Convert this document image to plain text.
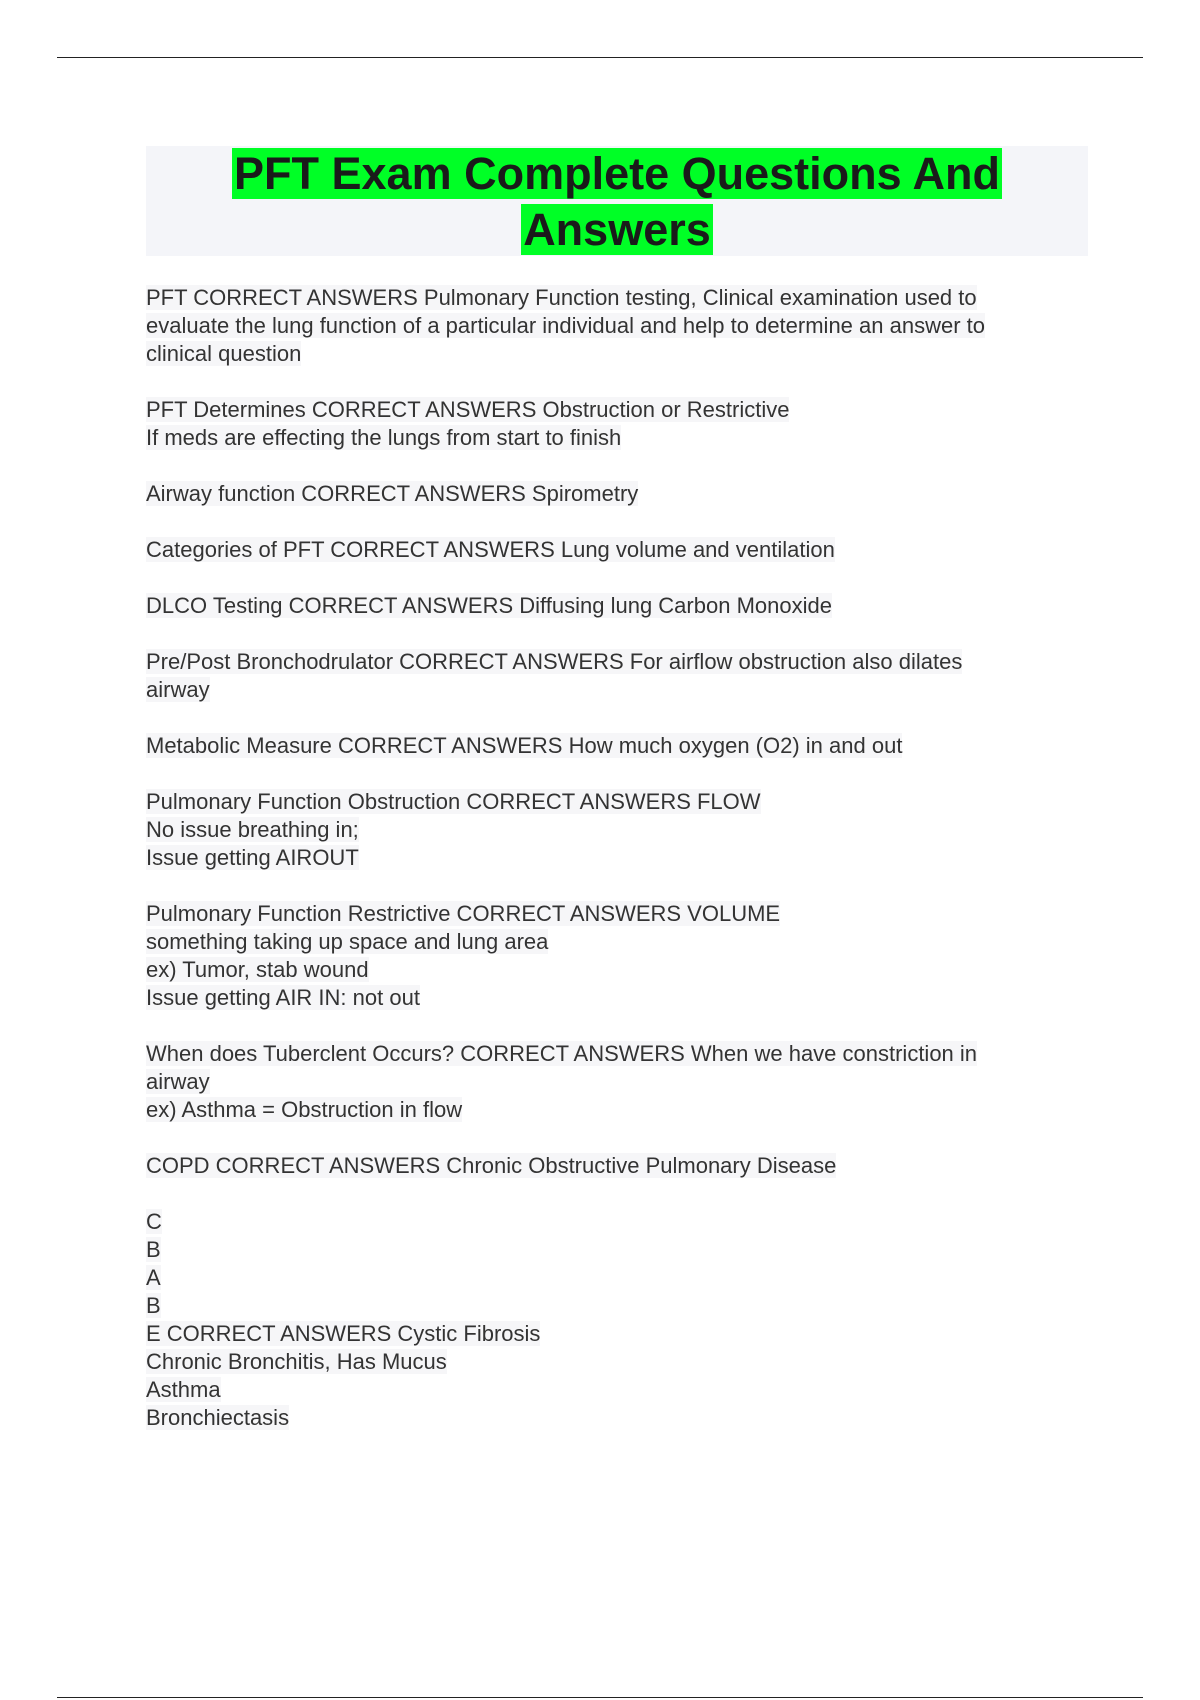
PFT Exam Complete Questions And
Answers
PFT CORRECT ANSWERS Pulmonary Function testing, Clinical examination used to
evaluate the lung function of a particular individual and help to determine an answer to
clinical question
PFT Determines CORRECT ANSWERS Obstruction or Restrictive
If meds are effecting the lungs from start to finish
Airway function CORRECT ANSWERS Spirometry
Categories of PFT CORRECT ANSWERS Lung volume and ventilation
DLCO Testing CORRECT ANSWERS Diffusing lung Carbon Monoxide
Pre/Post Bronchodrulator CORRECT ANSWERS For airflow obstruction also dilates
airway
Metabolic Measure CORRECT ANSWERS How much oxygen (O2) in and out
Pulmonary Function Obstruction CORRECT ANSWERS FLOW
No issue breathing in;
Issue getting AIROUT
Pulmonary Function Restrictive CORRECT ANSWERS VOLUME
something taking up space and lung area
ex) Tumor, stab wound
Issue getting AIR IN: not out
When does Tuberclent Occurs? CORRECT ANSWERS When we have constriction in
airway
ex) Asthma = Obstruction in flow
COPD CORRECT ANSWERS Chronic Obstructive Pulmonary Disease
C
B
A
B
E CORRECT ANSWERS Cystic Fibrosis
Chronic Bronchitis, Has Mucus
Asthma
Bronchiectasis
